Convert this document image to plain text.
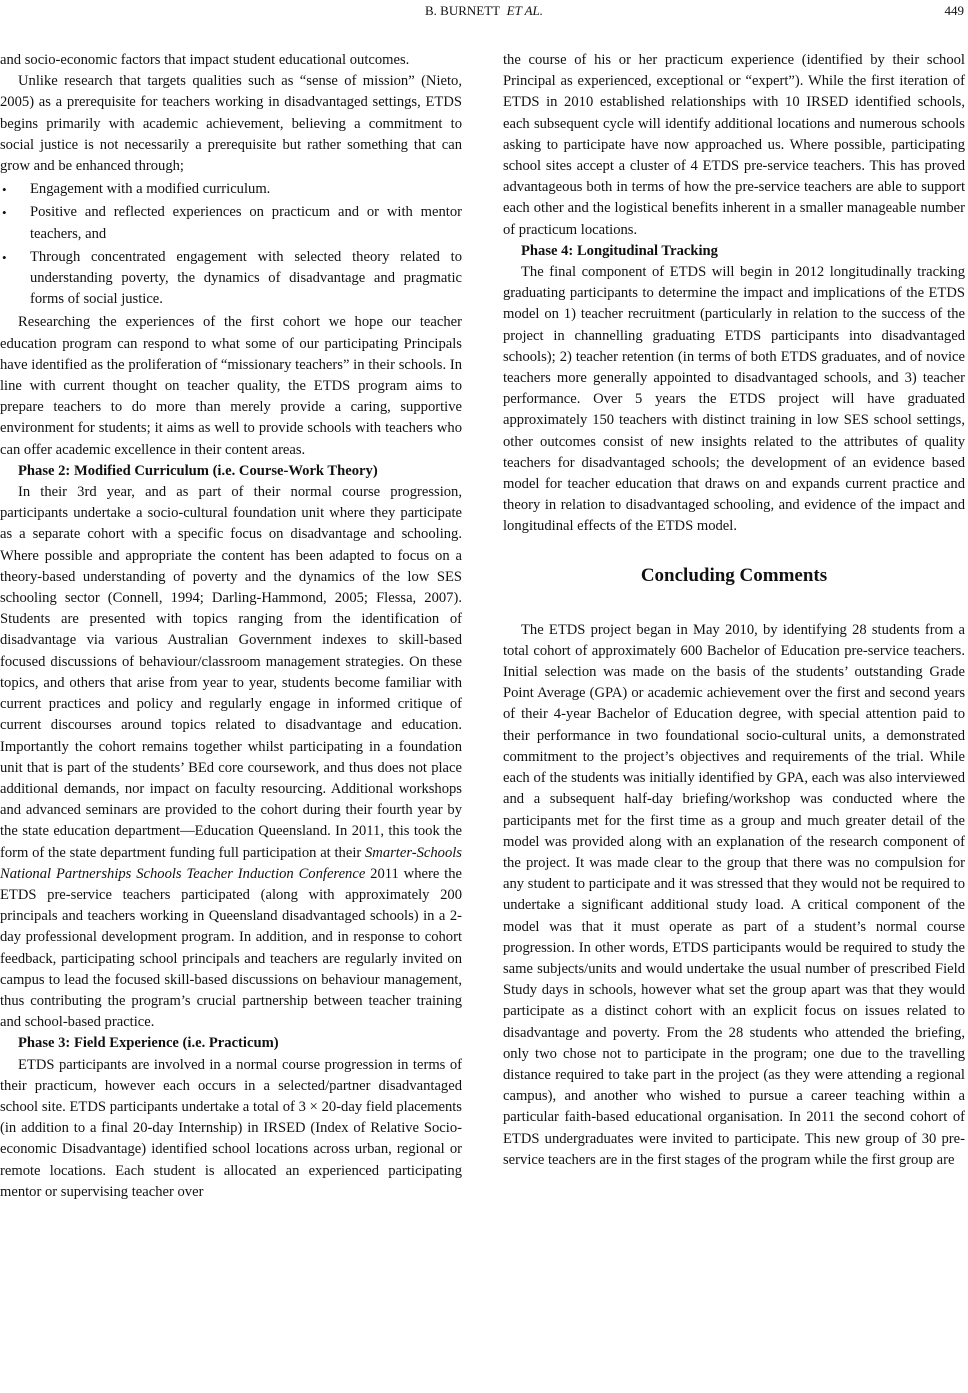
B. BURNETT ET AL.	449

and socio-economic factors that impact student educational outcomes.

Unlike research that targets qualities such as “sense of mission” (Nieto, 2005) as a prerequisite for teachers working in disadvantaged settings, ETDS begins primarily with academic achievement, believing a commitment to social justice is not necessarily a prerequisite but rather something that can grow and be enhanced through;

• Engagement with a modified curriculum.
• Positive and reflected experiences on practicum and or with mentor teachers, and
• Through concentrated engagement with selected theory related to understanding poverty, the dynamics of disadvantage and pragmatic forms of social justice.

Researching the experiences of the first cohort we hope our teacher education program can respond to what some of our participating Principals have identified as the proliferation of “missionary teachers” in their schools. In line with current thought on teacher quality, the ETDS program aims to prepare teachers to do more than merely provide a caring, supportive environment for students; it aims as well to provide schools with teachers who can offer academic excellence in their content areas.

Phase 2: Modified Curriculum (i.e. Course-Work Theory)

In their 3rd year, and as part of their normal course progression, participants undertake a socio-cultural foundation unit where they participate as a separate cohort with a specific focus on disadvantage and schooling. Where possible and appropriate the content has been adapted to focus on a theory-based understanding of poverty and the dynamics of the low SES schooling sector (Connell, 1994; Darling-Hammond, 2005; Flessa, 2007). Students are presented with topics ranging from the identification of disadvantage via various Australian Government indexes to skill-based focused discussions of behaviour/classroom management strategies. On these topics, and others that arise from year to year, students become familiar with current practices and policy and regularly engage in informed critique of current discourses around topics related to disadvantage and education. Importantly the cohort remains together whilst participating in a foundation unit that is part of the students’ BEd core coursework, and thus does not place additional demands, nor impact on faculty resourcing. Additional workshops and advanced seminars are provided to the cohort during their fourth year by the state education department—Education Queensland. In 2011, this took the form of the state department funding full participation at their Smarter-Schools National Partnerships Schools Teacher Induction Conference 2011 where the ETDS pre-service teachers participated (along with approximately 200 principals and teachers working in Queensland disadvantaged schools) in a 2-day professional development program. In addition, and in response to cohort feedback, participating school principals and teachers are regularly invited on campus to lead the focused skill-based discussions on behaviour management, thus contributing the program’s crucial partnership between teacher training and school-based practice.

Phase 3: Field Experience (i.e. Practicum)

ETDS participants are involved in a normal course progression in terms of their practicum, however each occurs in a selected/partner disadvantaged school site. ETDS participants undertake a total of 3 × 20-day field placements (in addition to a final 20-day Internship) in IRSED (Index of Relative Socio-economic Disadvantage) identified school locations across urban, regional or remote locations. Each student is allocated an experienced participating mentor or supervising teacher over

the course of his or her practicum experience (identified by their school Principal as experienced, exceptional or “expert”). While the first iteration of ETDS in 2010 established relationships with 10 IRSED identified schools, each subsequent cycle will identify additional locations and numerous schools asking to participate have now approached us. Where possible, participating school sites accept a cluster of 4 ETDS pre-service teachers. This has proved advantageous both in terms of how the pre-service teachers are able to support each other and the logistical benefits inherent in a smaller manageable number of practicum locations.

Phase 4: Longitudinal Tracking

The final component of ETDS will begin in 2012 longitudinally tracking graduating participants to determine the impact and implications of the ETDS model on 1) teacher recruitment (particularly in relation to the success of the project in channelling graduating ETDS participants into disadvantaged schools); 2) teacher retention (in terms of both ETDS graduates, and of novice teachers more generally appointed to disadvantaged schools, and 3) teacher performance. Over 5 years the ETDS project will have graduated approximately 150 teachers with distinct training in low SES school settings, other outcomes consist of new insights related to the attributes of quality teachers for disadvantaged schools; the development of an evidence based model for teacher education that draws on and expands current practice and theory in relation to disadvantaged schooling, and evidence of the impact and longitudinal effects of the ETDS model.

Concluding Comments

The ETDS project began in May 2010, by identifying 28 students from a total cohort of approximately 600 Bachelor of Education pre-service teachers. Initial selection was made on the basis of the students’ outstanding Grade Point Average (GPA) or academic achievement over the first and second years of their 4-year Bachelor of Education degree, with special attention paid to their performance in two foundational socio-cultural units, a demonstrated commitment to the project’s objectives and requirements of the trial. While each of the students was initially identified by GPA, each was also interviewed and a subsequent half-day briefing/workshop was conducted where the participants met for the first time as a group and much greater detail of the model was provided along with an explanation of the research component of the project. It was made clear to the group that there was no compulsion for any student to participate and it was stressed that they would not be required to undertake a significant additional study load. A critical component of the model was that it must operate as part of a student’s normal course progression. In other words, ETDS participants would be required to study the same subjects/units and would undertake the usual number of prescribed Field Study days in schools, however what set the group apart was that they would participate as a distinct cohort with an explicit focus on issues related to disadvantage and poverty. From the 28 students who attended the briefing, only two chose not to participate in the program; one due to the travelling distance required to take part in the project (as they were attending a regional campus), and another who wished to pursue a career teaching within a particular faith-based educational organisation. In 2011 the second cohort of ETDS undergraduates were invited to participate. This new group of 30 pre-service teachers are in the first stages of the program while the first group are
